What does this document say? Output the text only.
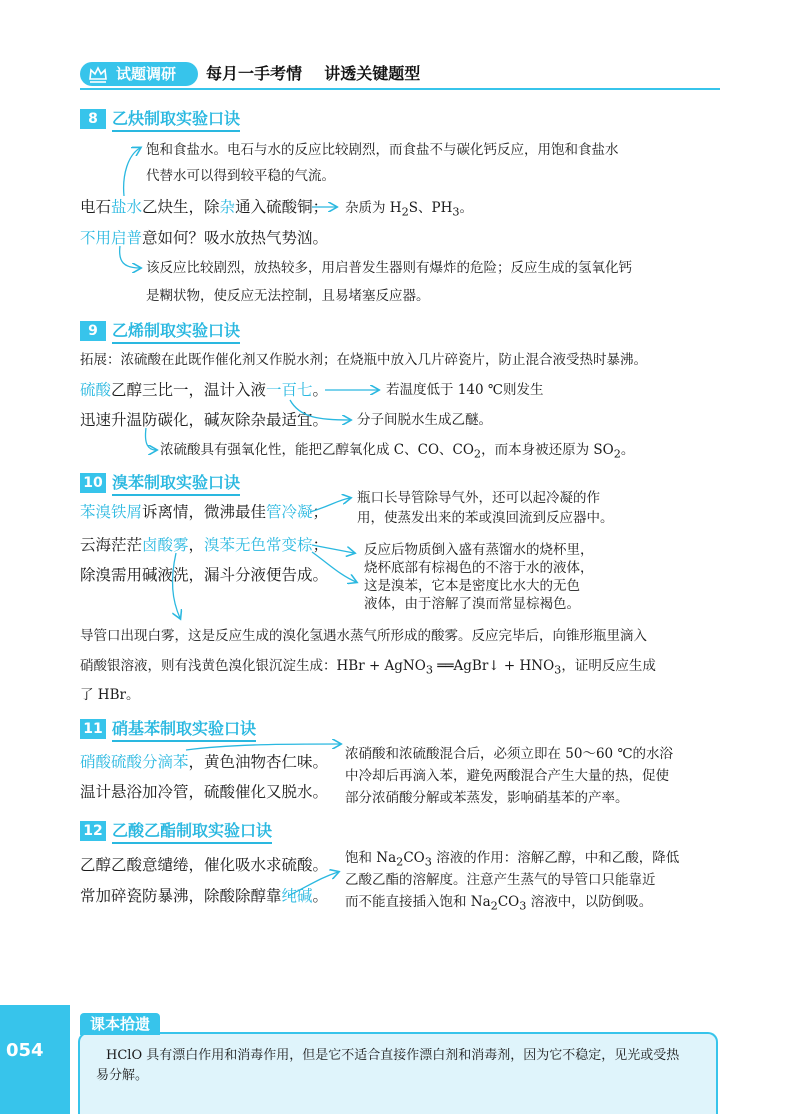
试题调研 每月一手考情    讲透关键题型
8 乙炔制取实验口诀
饱和食盐水。电石与水的反应比较剧烈，而食盐不与碳化钙反应，用饱和食盐水
代替水可以得到较平稳的气流。
电石盐水乙炔生，除杂通入硫酸铜； 杂质为 $H_2S$、$PH_3$。
不用启普意如何？吸水放热气势汹。
该反应比较剧烈，放热较多，用启普发生器则有爆炸的危险；反应生成的氢氧化钙
是糊状物，使反应无法控制，且易堵塞反应器。
9 乙烯制取实验口诀
拓展：浓硫酸在此既作催化剂又作脱水剂；在烧瓶中放入几片碎瓷片，防止混合液受热时暴沸。
硫酸乙醇三比一，温计入液一百七。	若温度低于 140 ℃则发生
迅速升温防碳化，碱灰除杂最适宜。 分子间脱水生成乙醚。
浓硫酸具有强氧化性，能把乙醇氧化成 C、CO、$CO_2$，而本身被还原为 $SO_2$。
10 溴苯制取实验口诀
苯溴铁屑诉离情，微沸最佳管冷凝；
瓶口长导管除导气外，还可以起冷凝的作
用，使蒸发出来的苯或溴回流到反应器中。
云海茫茫卤酸雾，溴苯无色常变棕；
除溴需用碱液洗，漏斗分液便告成。
反应后物质倒入盛有蒸馏水的烧杯里，
烧杯底部有棕褐色的不溶于水的液体，
这是溴苯，它本是密度比水大的无色
液体，由于溶解了溴而常显棕褐色。
导管口出现白雾，这是反应生成的溴化氢遇水蒸气所形成的酸雾。反应完毕后，向锥形瓶里滴入
硝酸银溶液，则有浅黄色溴化银沉淀生成：HBr + AgNO$_3$ ══AgBr↓ + $HNO_3$，证明反应生成
了 HBr。
11 硝基苯制取实验口诀
硝酸硫酸分滴苯，黄色油物杏仁味。
温计悬浴加冷管，硫酸催化又脱水。
浓硝酸和浓硫酸混合后，必须立即在 50～60 ℃的水浴
中冷却后再滴入苯，避免两酸混合产生大量的热，促使
部分浓硝酸分解或苯蒸发，影响硝基苯的产率。
12 乙酸乙酯制取实验口诀
乙醇乙酸意缱绻，催化吸水求硫酸。
常加碎瓷防暴沸，除酸除醇靠纯碱。
饱和 $Na_2CO_3$ 溶液的作用：溶解乙醇，中和乙酸，降低
乙酸乙酯的溶解度。注意产生蒸气的导管口只能靠近
而不能直接插入饱和 $Na_2CO_3$ 溶液中，以防倒吸。
054
课本拾遗
HClO 具有漂白作用和消毒作用，但是它不适合直接作漂白剂和消毒剂，因为它不稳定，见光或受热
易分解。
